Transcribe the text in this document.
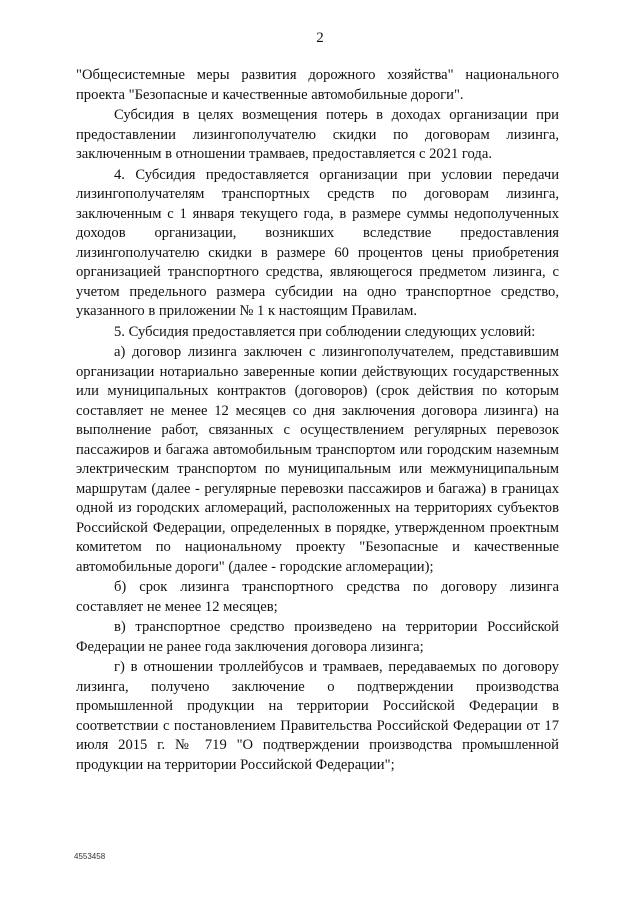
2

"Общесистемные меры развития дорожного хозяйства" национального проекта "Безопасные и качественные автомобильные дороги".

Субсидия в целях возмещения потерь в доходах организации при предоставлении лизингополучателю скидки по договорам лизинга, заключенным в отношении трамваев, предоставляется с 2021 года.

4. Субсидия предоставляется организации при условии передачи лизингополучателям транспортных средств по договорам лизинга, заключенным с 1 января текущего года, в размере суммы недополученных доходов организации, возникших вследствие предоставления лизингополучателю скидки в размере 60 процентов цены приобретения организацией транспортного средства, являющегося предметом лизинга, с учетом предельного размера субсидии на одно транспортное средство, указанного в приложении № 1 к настоящим Правилам.

5. Субсидия предоставляется при соблюдении следующих условий:

а) договор лизинга заключен с лизингополучателем, представившим организации нотариально заверенные копии действующих государственных или муниципальных контрактов (договоров) (срок действия по которым составляет не менее 12 месяцев со дня заключения договора лизинга) на выполнение работ, связанных с осуществлением регулярных перевозок пассажиров и багажа автомобильным транспортом или городским наземным электрическим транспортом по муниципальным или межмуниципальным маршрутам (далее - регулярные перевозки пассажиров и багажа) в границах одной из городских агломераций, расположенных на территориях субъектов Российской Федерации, определенных в порядке, утвержденном проектным комитетом по национальному проекту "Безопасные и качественные автомобильные дороги" (далее - городские агломерации);

б) срок лизинга транспортного средства по договору лизинга составляет не менее 12 месяцев;

в) транспортное средство произведено на территории Российской Федерации не ранее года заключения договора лизинга;

г) в отношении троллейбусов и трамваев, передаваемых по договору лизинга, получено заключение о подтверждении производства промышленной продукции на территории Российской Федерации в соответствии с постановлением Правительства Российской Федерации от 17 июля 2015 г. № 719 "О подтверждении производства промышленной продукции на территории Российской Федерации";

4553458
